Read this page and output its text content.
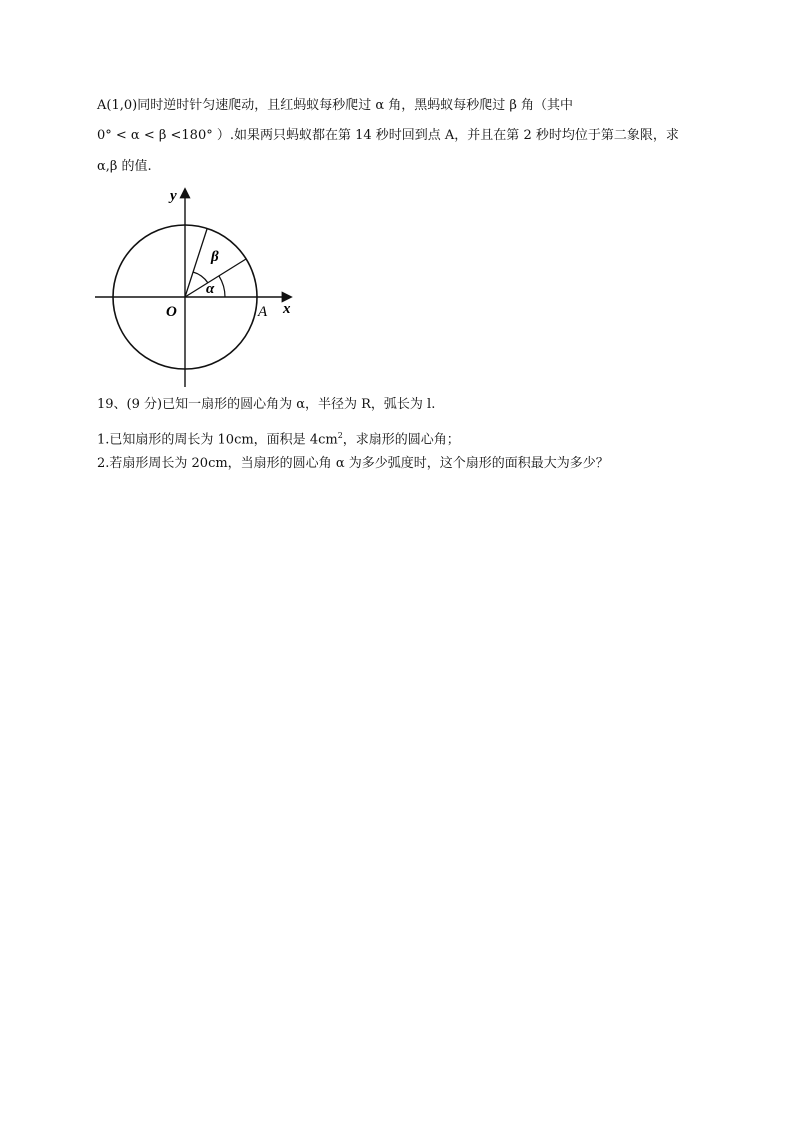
A(1,0)同时逆时针匀速爬动，且红蚂蚁每秒爬过 α 角，黑蚂蚁每秒爬过 β 角（其中
0° < α < β <180° ）.如果两只蚂蚁都在第 14 秒时回到点 A，并且在第 2 秒时均位于第二象限，求
α,β 的值.
y
x
O	A
α
β
19、(9 分)已知一扇形的圆心角为 α，半径为 R，弧长为 l.
1.已知扇形的周长为 10cm，面积是 $4cm^2$，求扇形的圆心角；
2.若扇形周长为 20cm，当扇形的圆心角 α 为多少弧度时，这个扇形的面积最大为多少？
